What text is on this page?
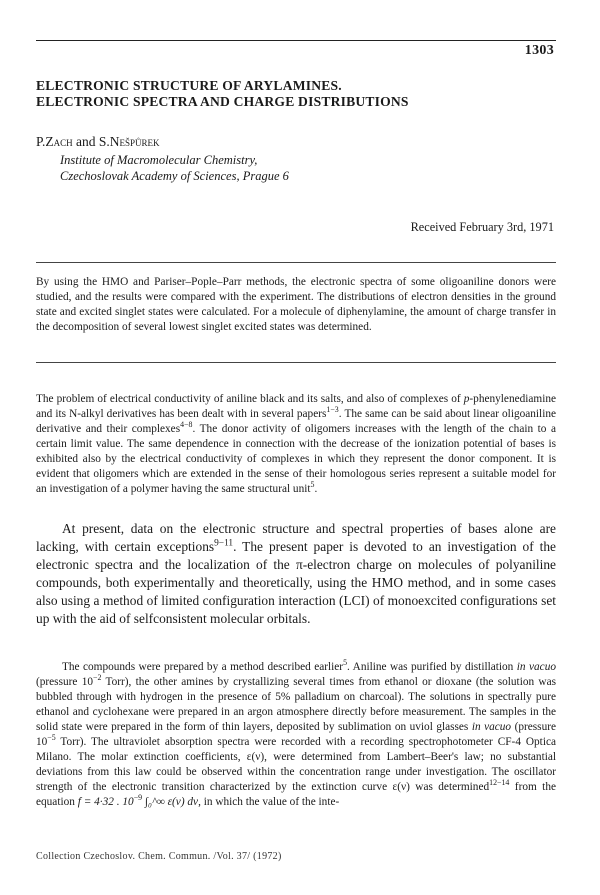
1303
ELECTRONIC STRUCTURE OF ARYLAMINES.
ELECTRONIC SPECTRA AND CHARGE DISTRIBUTIONS
P.Zach and S.Nešpůrek
Institute of Macromolecular Chemistry,
Czechoslovak Academy of Sciences, Prague 6
Received February 3rd, 1971
By using the HMO and Pariser–Pople–Parr methods, the electronic spectra of some oligoaniline donors were studied, and the results were compared with the experiment. The distributions of electron densities in the ground state and excited singlet states were calculated. For a molecule of diphenylamine, the amount of charge transfer in the decomposition of several lowest singlet excited states was determined.
The problem of electrical conductivity of aniline black and its salts, and also of complexes of p-phenylenediamine and its N-alkyl derivatives has been dealt with in several papers$^{1-3}$. The same can be said about linear oligoaniline derivative and their complexes$^{4-8}$. The donor activity of oligomers increases with the length of the chain to a certain limit value. The same dependence in connection with the decrease of the ionization potential of bases is exhibited also by the electrical conductivity of complexes in which they represent the donor component. It is evident that oligomers which are extended in the sense of their homologous series represent a suitable model for an investigation of a polymer having the same structural unit$^5$.
At present, data on the electronic structure and spectral properties of bases alone are lacking, with certain exceptions$^{9-11}$. The present paper is devoted to an investigation of the electronic spectra and the localization of the π-electron charge on molecules of polyaniline compounds, both experimentally and theoretically, using the HMO method, and in some cases also using a method of limited configuration interaction (LCI) of monoexcited configurations set up with the aid of selfconsistent molecular orbitals.
The compounds were prepared by a method described earlier$^5$. Aniline was purified by distillation in vacuo (pressure $10^{-2}$ Torr), the other amines by crystallizing several times from ethanol or dioxane (the solution was bubbled through with hydrogen in the presence of 5% palladium on charcoal). The solutions in spectrally pure ethanol and cyclohexane were prepared in an argon atmosphere directly before measurement. The samples in the solid state were prepared in the form of thin layers, deposited by sublimation on uviol glasses in vacuo (pressure $10^{-5}$ Torr). The ultraviolet absorption spectra were recorded with a recording spectrophotometer CF-4 Optica Milano. The molar extinction coefficients, ε(ν), were determined from Lambert–Beer's law; no substantial deviations from this law could be observed within the concentration range under investigation. The oscillator strength of the electronic transition characterized by the extinction curve ε(ν) was determined$^{12-14}$ from the equation f = 4·32 . $10^{-9}$ ∫₀^∞ ε(ν) dν, in which the value of the inte-
Collection Czechoslov. Chem. Commun. /Vol. 37/ (1972)
